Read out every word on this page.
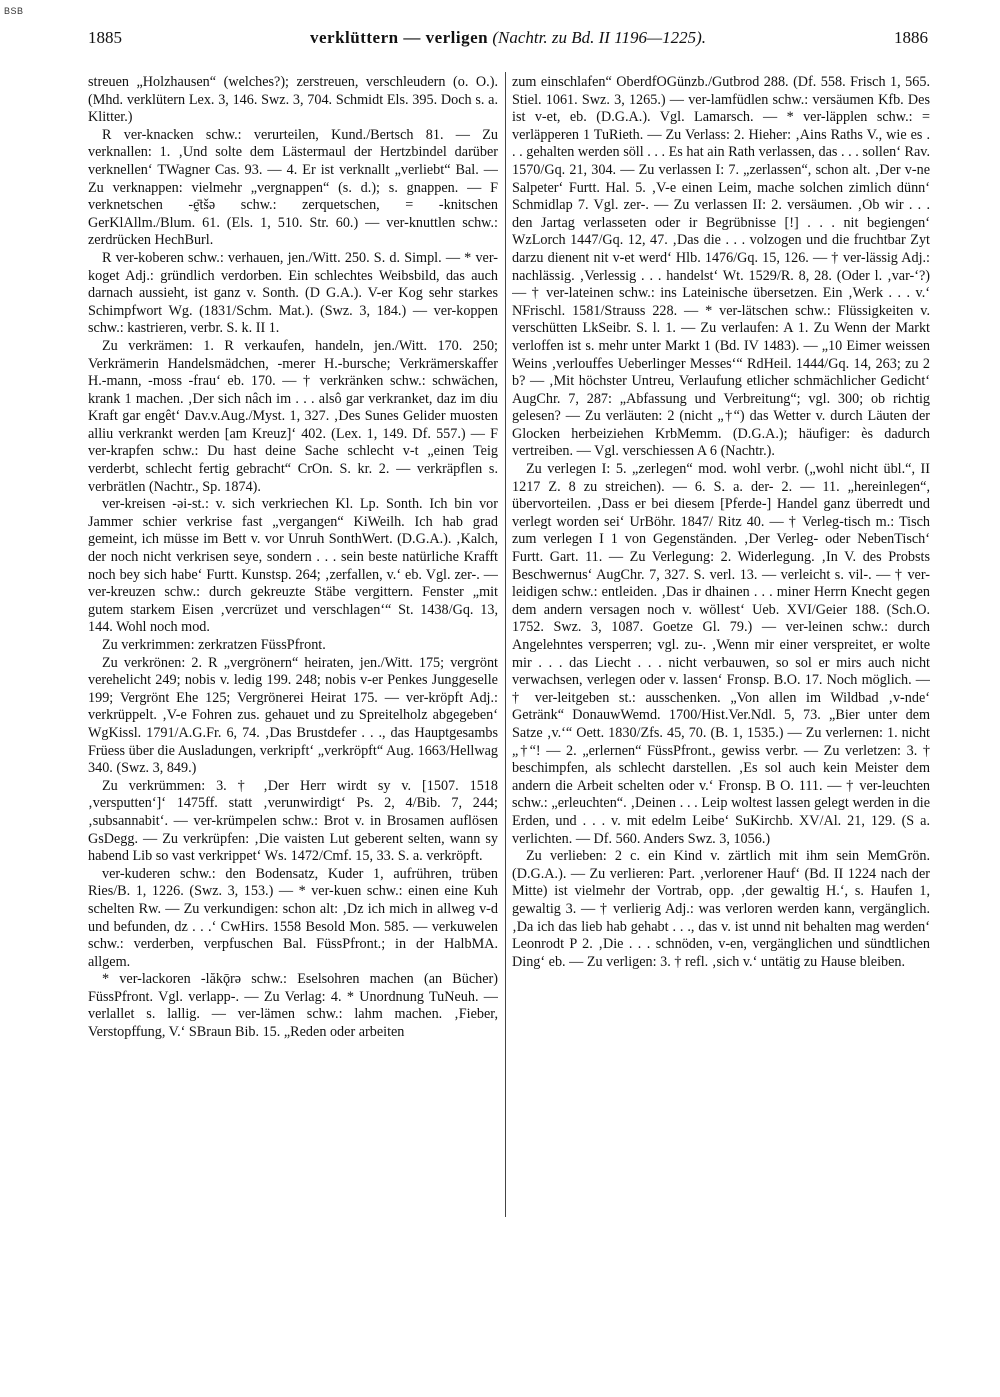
BSB
1885	verklüttern — verligen (Nachtr. zu Bd. II 1196—1225).	1886

streuen „Holzhausen“ (welches?); zerstreuen, verschleudern (o. O.). (Mhd. verklütern Lex. 3, 146. Swz. 3, 704. Schmidt Els. 395. Doch s. a. Klitter.)

R ver-knacken schw.: verurteilen, Kund./Bertsch 81. — Zu verknallen: 1. ‚Und solte dem Lästermaul der Hertzbindel darüber verknellen‘ TWagner Cas. 93. — 4. Er ist verknallt „verliebt“ Bal. — Zu verknappen: vielmehr „vergnappen“ (s. d.); s. gnappen. — F verknetschen -ḛ̄tšə schw.: zerquetschen, = -knitschen GerKlAllm./Blum. 61. (Els. 1, 510. Str. 60.) — ver-knuttlen schw.: zerdrücken HechBurl.

R ver-koberen schw.: verhauen, jen./Witt. 250. S. d. Simpl. — * ver-koget Adj.: gründlich verdorben. Ein schlechtes Weibsbild, das auch darnach aussieht, ist ganz v. Sonth. (D G.A.). V-er Kog sehr starkes Schimpfwort Wg. (1831/Schm. Mat.). (Swz. 3, 184.) — ver-koppen schw.: kastrieren, verbr. S. k. II 1.

Zu verkrämen: 1. R verkaufen, handeln, jen./Witt. 170. 250; Verkrämerin Handelsmädchen, -merer H.-bursche; Verkrämerskaffer H.-mann, -moss -frau‘ eb. 170. — † verkränken schw.: schwächen, krank 1 machen. ‚Der sich nâch im . . . alsô gar verkranket, daz im diu Kraft gar engêt‘ Dav.v.Aug./Myst. 1, 327. ‚Des Sunes Gelider muosten alliu verkrankt werden [am Kreuz]‘ 402. (Lex. 1, 149. Df. 557.) — F ver-krapfen schw.: Du hast deine Sache schlecht v-t „einen Teig verderbt, schlecht fertig gebracht“ CrOn. S. kr. 2. — verkräpflen s. verbrätlen (Nachtr., Sp. 1874).

ver-kreisen -əi-st.: v. sich verkriechen Kl. Lp. Sonth. Ich bin vor Jammer schier verkrise fast „vergangen“ KiWeilh. Ich hab grad gemeint, ich müsse im Bett v. vor Unruh SonthWert. (D.G.A.). ‚Kalch, der noch nicht verkrisen seye, sondern . . . sein beste natürliche Krafft noch bey sich habe‘ Furtt. Kunstsp. 264; ‚zerfallen, v.‘ eb. Vgl. zer-. — ver-kreuzen schw.: durch gekreuzte Stäbe vergittern. Fenster „mit gutem starkem Eisen ‚vercrüzet und verschlagen‘“ St. 1438/Gq. 13, 144. Wohl noch mod.

Zu verkrimmen: zerkratzen FüssPfront.

Zu verkrönen: 2. R „vergrönern“ heiraten, jen./Witt. 175; vergrönt verehelicht 249; nobis v. ledig 199. 248; nobis v-er Penkes Junggeselle 199; Vergrönt Ehe 125; Vergrönerei Heirat 175. — ver-kröpft Adj.: verkrüppelt. ‚V-e Fohren zus. gehauet und zu Spreitelholz abgegeben‘ WgKissl. 1791/A.G.Fr. 6, 74. ‚Das Brustdefer . . ., das Hauptgesambs Früess über die Ausladungen, verkripft‘ „verkröpft“ Aug. 1663/Hellwag 340. (Swz. 3, 849.)

Zu verkrümmen: 3. † ‚Der Herr wirdt sy v. [1507. 1518 ‚versputten‘]‘ 1475ff. statt ‚verunwirdigt‘ Ps. 2, 4/Bib. 7, 244; ‚subsannabit‘. — ver-krümpelen schw.: Brot v. in Brosamen auflösen GsDegg. — Zu verkrüpfen: ‚Die vaisten Lut geberent selten, wann sy habend Lib so vast verkrippet‘ Ws. 1472/Cmf. 15, 33. S. a. verkröpft.

ver-kuderen schw.: den Bodensatz, Kuder 1, aufrühren, trüben Ries/B. 1, 1226. (Swz. 3, 153.) — * ver-kuen schw.: einen eine Kuh schelten Rw. — Zu verkundigen: schon alt: ‚Dz ich mich in allweg v-d und befunden, dz . . .‘ CwHirs. 1558 Besold Mon. 585. — verkuwelen schw.: verderben, verpfuschen Bal. FüssPfront.; in der HalbMA. allgem.

* ver-lackoren -lăkǭrə schw.: Eselsohren machen (an Bücher) FüssPfront. Vgl. verlapp-. — Zu Verlag: 4. * Unordnung TuNeuh. — verlallet s. lallig. — ver-lämen schw.: lahm machen. ‚Fieber, Verstopffung, V.‘ SBraun Bib. 15. „Reden oder arbeiten

zum einschlafen“ OberdfOGünzb./Gutbrod 288. (Df. 558. Frisch 1, 565. Stiel. 1061. Swz. 3, 1265.) — ver-lamfüdlen schw.: versäumen Kfb. Des ist v-et, eb. (D.G.A.). Vgl. Lamarsch. — * ver-läpplen schw.: = verläpperen 1 TuRieth. — Zu Verlass: 2. Hieher: ‚Ains Raths V., wie es . . . gehalten werden söll . . . Es hat ain Rath verlassen, das . . . sollen‘ Rav. 1570/Gq. 21, 304. — Zu verlassen I: 7. „zerlassen“, schon alt. ‚Der v-ne Salpeter‘ Furtt. Hal. 5. ‚V-e einen Leim, mache solchen zimlich dünn‘ Schmidlap 7. Vgl. zer-. — Zu verlassen II: 2. versäumen. ‚Ob wir . . . den Jartag verlasseten oder ir Begrübnisse [!] . . . nit begiengen‘ WzLorch 1447/Gq. 12, 47. ‚Das die . . . volzogen und die fruchtbar Zyt darzu dienent nit v-et werd‘ Hlb. 1476/Gq. 15, 126. — † ver-lässig Adj.: nachlässig. ‚Verlessig . . . handelst‘ Wt. 1529/R. 8, 28. (Oder l. ‚var-‘?) — † ver-lateinen schw.: ins Lateinische übersetzen. Ein ‚Werk . . . v.‘ NFrischl. 1581/Strauss 228. — * ver-lätschen schw.: Flüssigkeiten v. verschütten LkSeibr. S. l. 1. — Zu verlaufen: A 1. Zu Wenn der Markt verloffen ist s. mehr unter Markt 1 (Bd. IV 1483). — „10 Eimer weissen Weins ‚verlouffes Ueberlinger Messes‘“ RdHeil. 1444/Gq. 14, 263; zu 2 b? — ‚Mit höchster Untreu, Verlaufung etlicher schmächlicher Gedicht‘ AugChr. 7, 287: „Abfassung und Verbreitung“; vgl. 300; ob richtig gelesen? — Zu verläuten: 2 (nicht „†“) das Wetter v. durch Läuten der Glocken herbeiziehen KrbMemm. (D.G.A.); häufiger: ès dadurch vertreiben. — Vgl. verschiessen A 6 (Nachtr.).

Zu verlegen I: 5. „zerlegen“ mod. wohl verbr. („wohl nicht übl.“, II 1217 Z. 8 zu streichen). — 6. S. a. der- 2. — 11. „hereinlegen“, übervorteilen. ‚Dass er bei diesem [Pferde-] Handel ganz überredt und verlegt worden sei‘ UrBöhr. 1847/ Ritz 40. — † Verleg-tisch m.: Tisch zum verlegen I 1 von Gegenständen. ‚Der Verleg- oder NebenTisch‘ Furtt. Gart. 11. — Zu Verlegung: 2. Widerlegung. ‚In V. des Probsts Beschwernus‘ AugChr. 7, 327. S. verl. 13. — verleicht s. vil-. — † ver-leidigen schw.: entleiden. ‚Das ir dhainen . . . miner Herrn Knecht gegen dem andern versagen noch v. wöllest‘ Ueb. XVI/Geier 188. (Sch.O. 1752. Swz. 3, 1087. Goetze Gl. 79.) — ver-leinen schw.: durch Angelehntes versperren; vgl. zu-. ‚Wenn mir einer verspreitet, er wolte mir . . . das Liecht . . . nicht verbauwen, so sol er mirs auch nicht verwachsen, verlegen oder v. lassen‘ Fronsp. B.O. 17. Noch möglich. — † ver-leitgeben st.: ausschenken. „Von allen im Wildbad ‚v-nde‘ Getränk“ DonauwWemd. 1700/Hist.Ver.Ndl. 5, 73. „Bier unter dem Satze ‚v.‘“ Oett. 1830/Zfs. 45, 70. (B. 1, 1535.) — Zu verlernen: 1. nicht „†“! — 2. „erlernen“ FüssPfront., gewiss verbr. — Zu verletzen: 3. † beschimpfen, als schlecht darstellen. ‚Es sol auch kein Meister dem andern die Arbeit schelten oder v.‘ Fronsp. B O. 111. — † ver-leuchten schw.: „erleuchten“. ‚Deinen . . . Leip woltest lassen gelegt werden in die Erden, und . . . v. mit edelm Leibe‘ SuKirchb. XV/Al. 21, 129. (S a. verlichten. — Df. 560. Anders Swz. 3, 1056.)

Zu verlieben: 2 c. ein Kind v. zärtlich mit ihm sein MemGrön. (D.G.A.). — Zu verlieren: Part. ‚verlorener Hauf‘ (Bd. II 1224 nach der Mitte) ist vielmehr der Vortrab, opp. ‚der gewaltig H.‘, s. Haufen 1, gewaltig 3. — † verlierig Adj.: was verloren werden kann, vergänglich. ‚Da ich das lieb hab gehabt . . ., das v. ist unnd nit behalten mag werden‘ Leonrodt P 2. ‚Die . . . schnöden, v-en, vergänglichen und sündtlichen Ding‘ eb. — Zu verligen: 3. † refl. ‚sich v.‘ untätig zu Hause bleiben.
